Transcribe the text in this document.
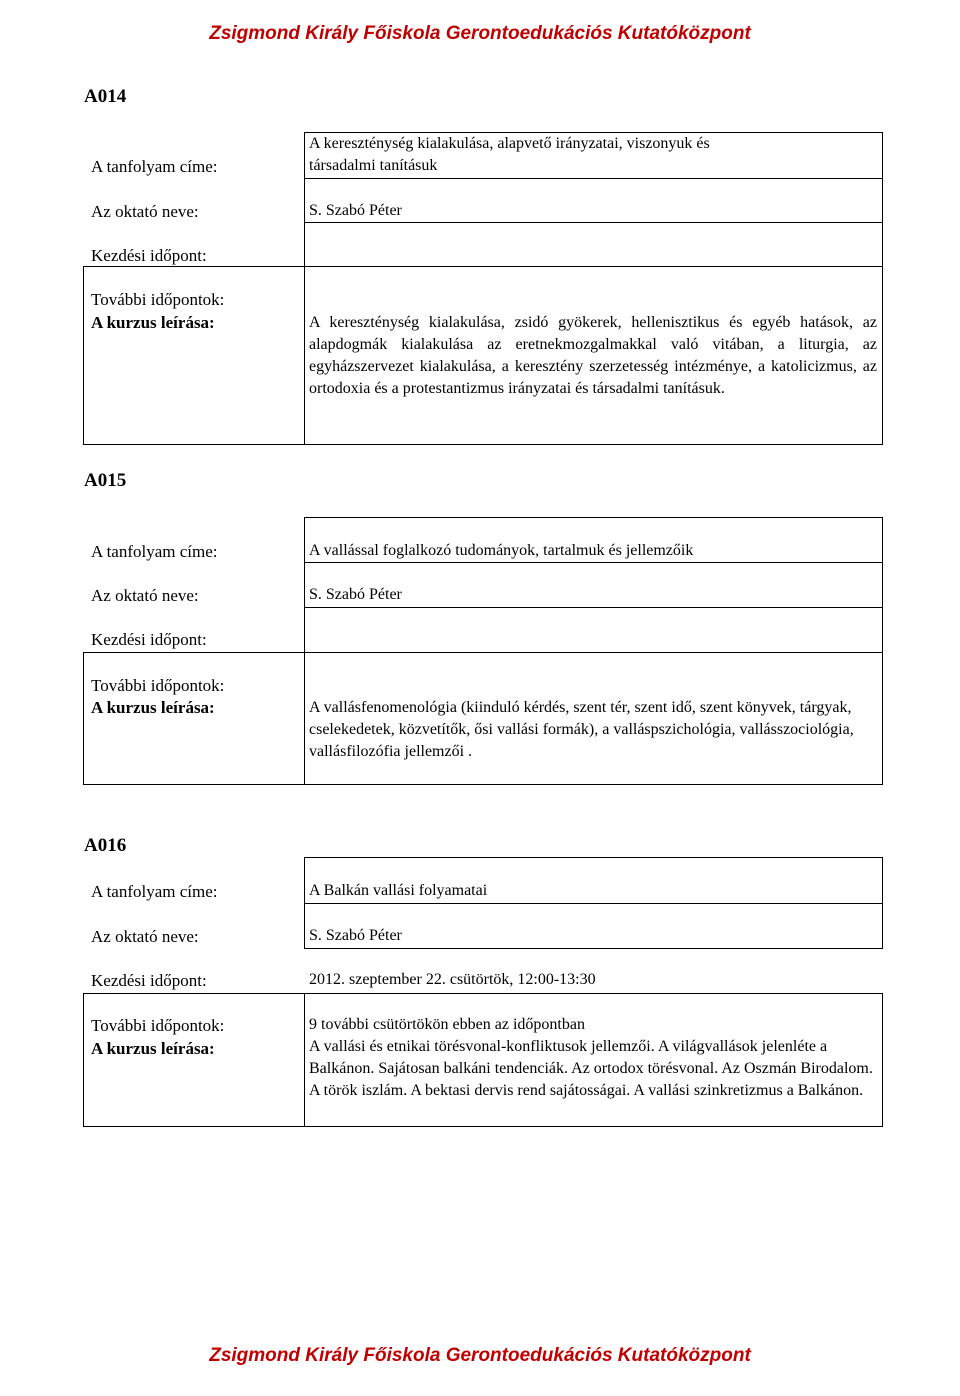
Zsigmond Király Főiskola Gerontoedukációs Kutatóközpont
A014
A tanfolyam címe:
A kereszténység kialakulása, alapvető irányzatai, viszonyuk és
társadalmi tanításuk
Az oktató neve:	S. Szabó Péter
Kezdési időpont:
További időpontok:
A kurzus leírása:	A kereszténység kialakulása, zsidó gyökerek, hellenisztikus és egyéb hatások, az alapdogmák kialakulása az eretnekmozgalmakkal való vitában, a liturgia, az egyházszervezet kialakulása, a keresztény szerzetesség intézménye, a katolicizmus, az ortodoxia és a protestantizmus irányzatai és társadalmi tanításuk.
A015
A tanfolyam címe:	A vallással foglalkozó tudományok, tartalmuk és jellemzőik
Az oktató neve:	S. Szabó Péter
Kezdési időpont:
További időpontok:
A kurzus leírása:	A vallásfenomenológia (kiinduló kérdés, szent tér, szent idő, szent könyvek, tárgyak, cselekedetek, közvetítők, ősi vallási formák), a valláspszichológia, vallásszociológia, vallásfilozófia jellemzői .
A016
A tanfolyam címe:	A Balkán vallási folyamatai
Az oktató neve:	S. Szabó Péter
Kezdési időpont:	2012. szeptember 22. csütörtök, 12:00-13:30
További időpontok:	9 további csütörtökön ebben az időpontban
A kurzus leírása:	A vallási és etnikai törésvonal-konfliktusok jellemzői. A világvallások jelenléte a Balkánon. Sajátosan balkáni tendenciák. Az ortodox törésvonal. Az Oszmán Birodalom. A török iszlám. A bektasi dervis rend sajátosságai. A vallási szinkretizmus a Balkánon.
Zsigmond Király Főiskola Gerontoedukációs Kutatóközpont
